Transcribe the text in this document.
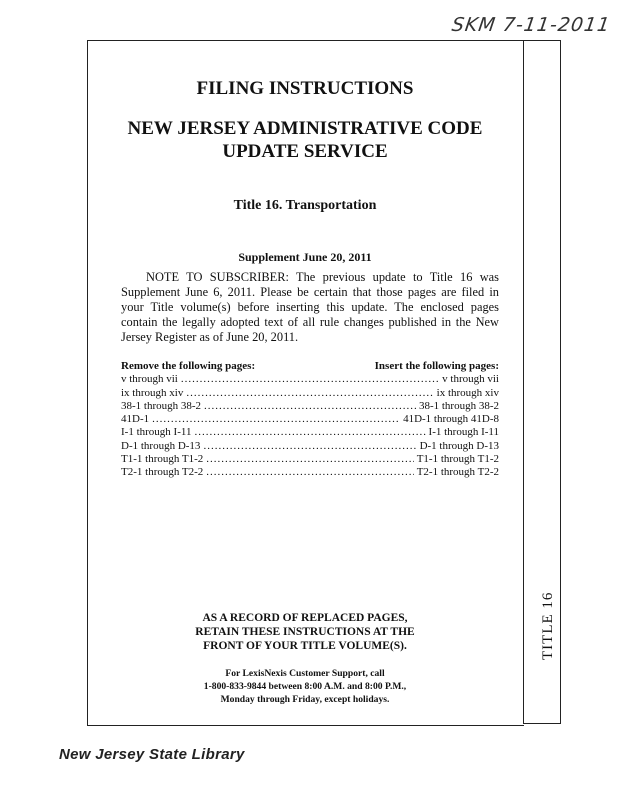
SKM 7-11-2011
TITLE 16
FILING INSTRUCTIONS
NEW JERSEY ADMINISTRATIVE CODE
UPDATE SERVICE
Title 16. Transportation
Supplement June 20, 2011
NOTE TO SUBSCRIBER: The previous update to Title 16 was Supplement June 6, 2011. Please be certain that those pages are filed in your Title volume(s) before inserting this update. The enclosed pages contain the legally adopted text of all rule changes published in the New Jersey Register as of June 20, 2011.
Remove the following pages:	Insert the following pages:
v through vii .....	v through vii
ix through xiv .....	ix through xiv
38-1 through 38-2 .....	38-1 through 38-2
41D-1 .....	41D-1 through 41D-8
I-1 through I-11 .....	I-1 through I-11
D-1 through D-13 .....	D-1 through D-13
T1-1 through T1-2 .....	T1-1 through T1-2
T2-1 through T2-2 .....	T2-1 through T2-2
AS A RECORD OF REPLACED PAGES,
RETAIN THESE INSTRUCTIONS AT THE
FRONT OF YOUR TITLE VOLUME(S).
For LexisNexis Customer Support, call
1-800-833-9844 between 8:00 A.M. and 8:00 P.M.,
Monday through Friday, except holidays.
New Jersey State Library
